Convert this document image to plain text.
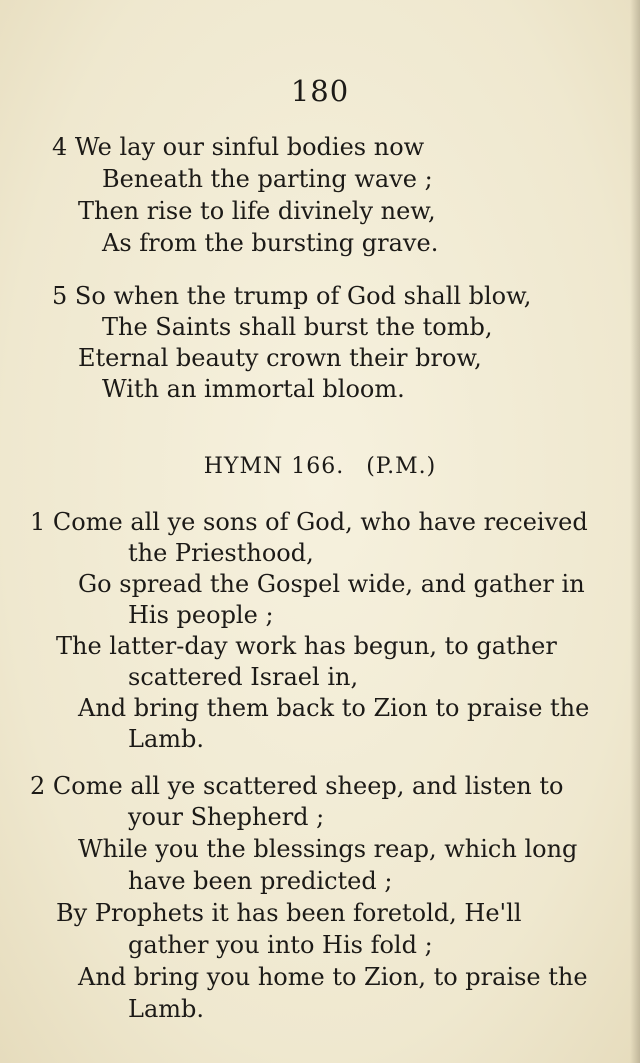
180
4 We lay our sinful bodies now
Beneath the parting wave ;
Then rise to life divinely new,
As from the bursting grave.
5 So when the trump of God shall blow,
The Saints shall burst the tomb,
Eternal beauty crown their brow,
With an immortal bloom.
HYMN 166. (P.M.)
1 Come all ye sons of God, who have received
the Priesthood,
Go spread the Gospel wide, and gather in
His people ;
The latter-day work has begun, to gather
scattered Israel in,
And bring them back to Zion to praise the
Lamb.
2 Come all ye scattered sheep, and listen to
your Shepherd ;
While you the blessings reap, which long
have been predicted ;
By Prophets it has been foretold, He'll
gather you into His fold ;
And bring you home to Zion, to praise the
Lamb.
